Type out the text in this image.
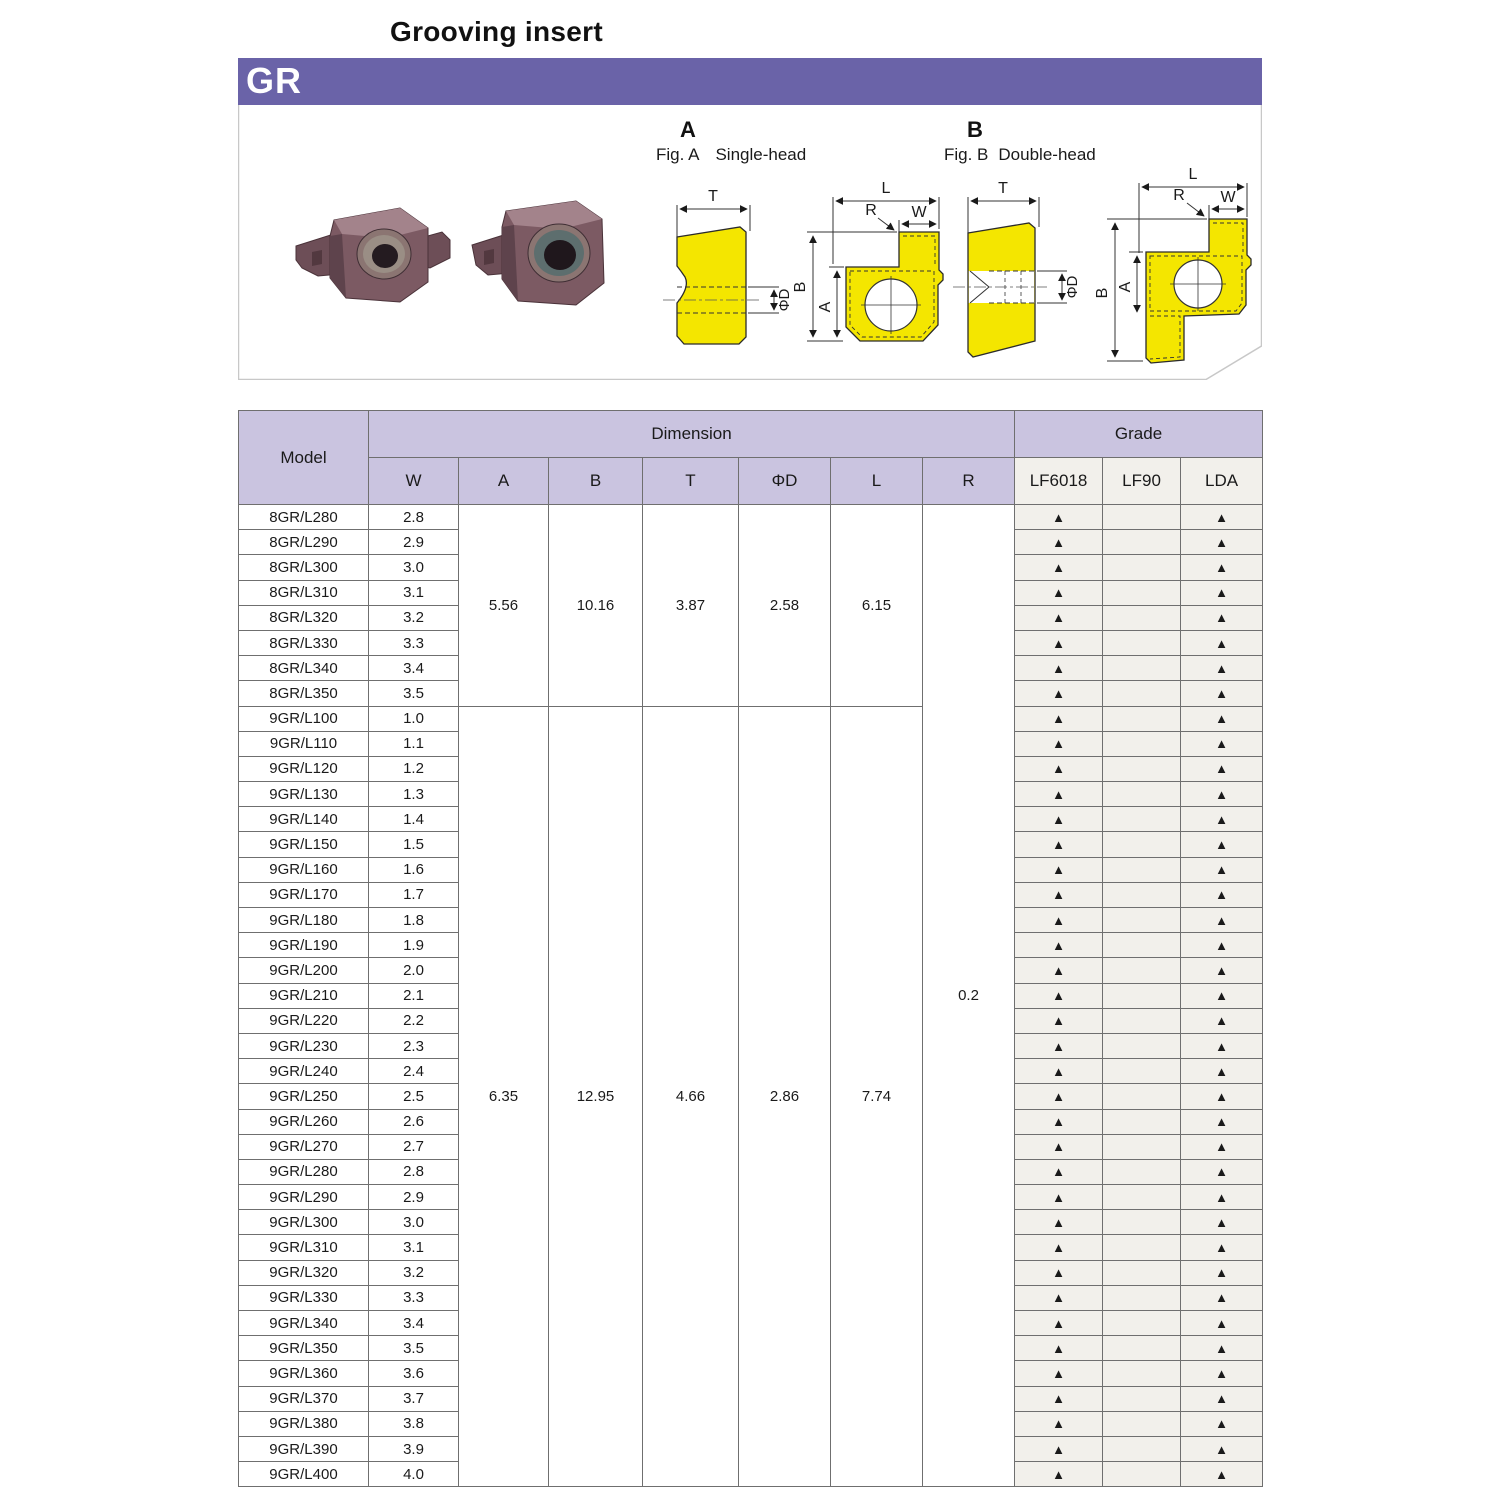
Grooving insert
GR
A
Fig. A Single-head
T
ΦD
L
W
R
B
A
B
Fig. B Double-head
T
ΦD
L
W
R
B
A
Model	Dimension							Grade		
	W	A	B	T	ΦD	L	R	LF6018	LF90	LDA
8GR/L280	2.8	5.56	10.16	3.87	2.58	6.15	0.2	▲		▲
8GR/L290	2.9							▲		▲
8GR/L300	3.0							▲		▲
8GR/L310	3.1							▲		▲
8GR/L320	3.2							▲		▲
8GR/L330	3.3							▲		▲
8GR/L340	3.4							▲		▲
8GR/L350	3.5							▲		▲
9GR/L100	1.0	6.35	12.95	4.66	2.86	7.74		▲		▲
9GR/L110	1.1							▲		▲
9GR/L120	1.2							▲		▲
9GR/L130	1.3							▲		▲
9GR/L140	1.4							▲		▲
9GR/L150	1.5							▲		▲
9GR/L160	1.6							▲		▲
9GR/L170	1.7							▲		▲
9GR/L180	1.8							▲		▲
9GR/L190	1.9							▲		▲
9GR/L200	2.0							▲		▲
9GR/L210	2.1							▲		▲
9GR/L220	2.2							▲		▲
9GR/L230	2.3							▲		▲
9GR/L240	2.4							▲		▲
9GR/L250	2.5							▲		▲
9GR/L260	2.6							▲		▲
9GR/L270	2.7							▲		▲
9GR/L280	2.8							▲		▲
9GR/L290	2.9							▲		▲
9GR/L300	3.0							▲		▲
9GR/L310	3.1							▲		▲
9GR/L320	3.2							▲		▲
9GR/L330	3.3							▲		▲
9GR/L340	3.4							▲		▲
9GR/L350	3.5							▲		▲
9GR/L360	3.6							▲		▲
9GR/L370	3.7							▲		▲
9GR/L380	3.8							▲		▲
9GR/L390	3.9							▲		▲
9GR/L400	4.0							▲		▲
